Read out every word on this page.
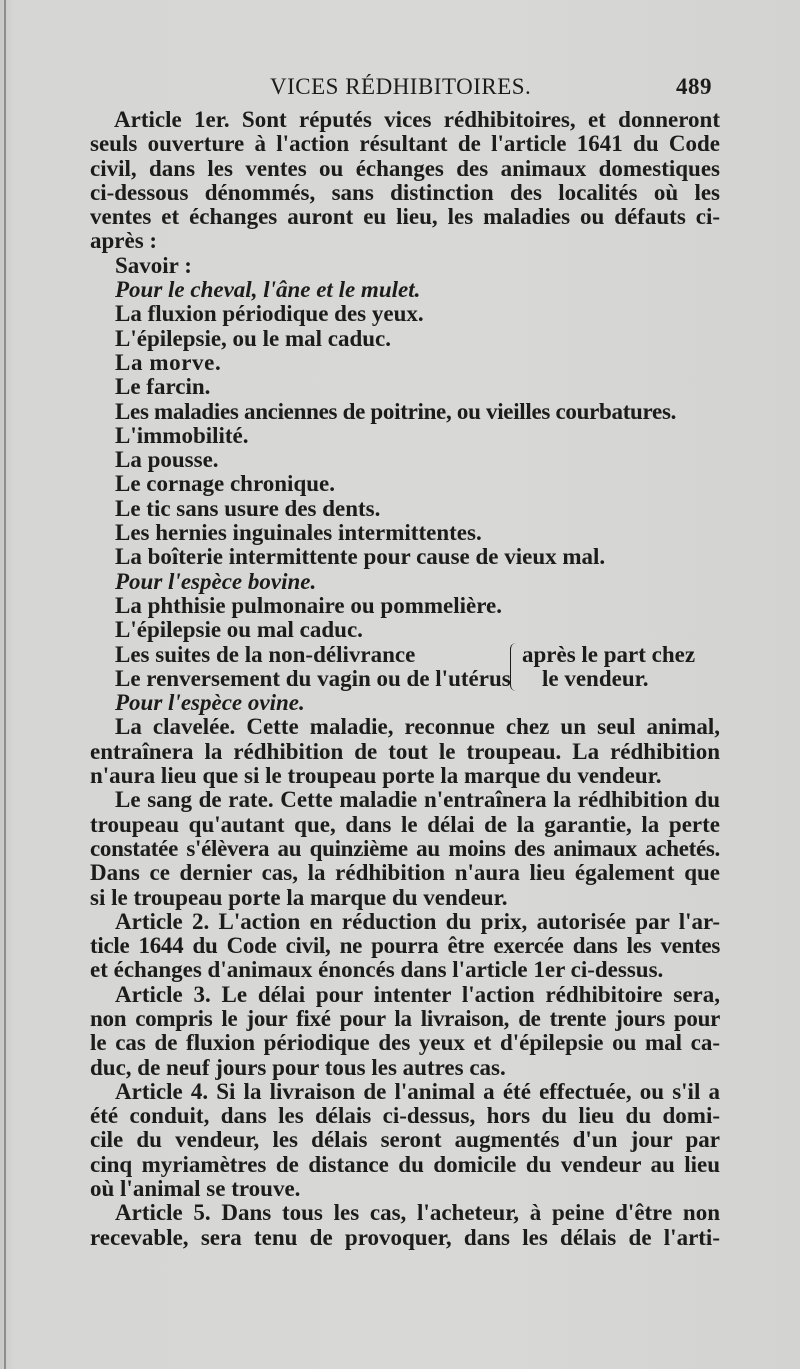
VICES RÉDHIBITOIRES.	489
Article 1er. Sont réputés vices rédhibitoires, et donneront
seuls ouverture à l'action résultant de l'article 1641 du Code
civil, dans les ventes ou échanges des animaux domestiques
ci-dessous dénommés, sans distinction des localités où les
ventes et échanges auront eu lieu, les maladies ou défauts ci-
après :
Savoir :
Pour le cheval, l'âne et le mulet.
La fluxion périodique des yeux.
L'épilepsie, ou le mal caduc.
La morve.
Le farcin.
Les maladies anciennes de poitrine, ou vieilles courbatures.
L'immobilité.
La pousse.
Le cornage chronique.
Le tic sans usure des dents.
Les hernies inguinales intermittentes.
La boîterie intermittente pour cause de vieux mal.
Pour l'espèce bovine.
La phthisie pulmonaire ou pommelière.
L'épilepsie ou mal caduc.
Les suites de la non-délivrance
Le renversement du vagin ou de l'utérus
après le part chez
le vendeur.
Pour l'espèce ovine.
La clavelée. Cette maladie, reconnue chez un seul animal,
entraînera la rédhibition de tout le troupeau. La rédhibition
n'aura lieu que si le troupeau porte la marque du vendeur.
Le sang de rate. Cette maladie n'entraînera la rédhibition du
troupeau qu'autant que, dans le délai de la garantie, la perte
constatée s'élèvera au quinzième au moins des animaux achetés.
Dans ce dernier cas, la rédhibition n'aura lieu également que
si le troupeau porte la marque du vendeur.
Article 2. L'action en réduction du prix, autorisée par l'ar-
ticle 1644 du Code civil, ne pourra être exercée dans les ventes
et échanges d'animaux énoncés dans l'article 1er ci-dessus.
Article 3. Le délai pour intenter l'action rédhibitoire sera,
non compris le jour fixé pour la livraison, de trente jours pour
le cas de fluxion périodique des yeux et d'épilepsie ou mal ca-
duc, de neuf jours pour tous les autres cas.
Article 4. Si la livraison de l'animal a été effectuée, ou s'il a
été conduit, dans les délais ci-dessus, hors du lieu du domi-
cile du vendeur, les délais seront augmentés d'un jour par
cinq myriamètres de distance du domicile du vendeur au lieu
où l'animal se trouve.
Article 5. Dans tous les cas, l'acheteur, à peine d'être non
recevable, sera tenu de provoquer, dans les délais de l'arti-
